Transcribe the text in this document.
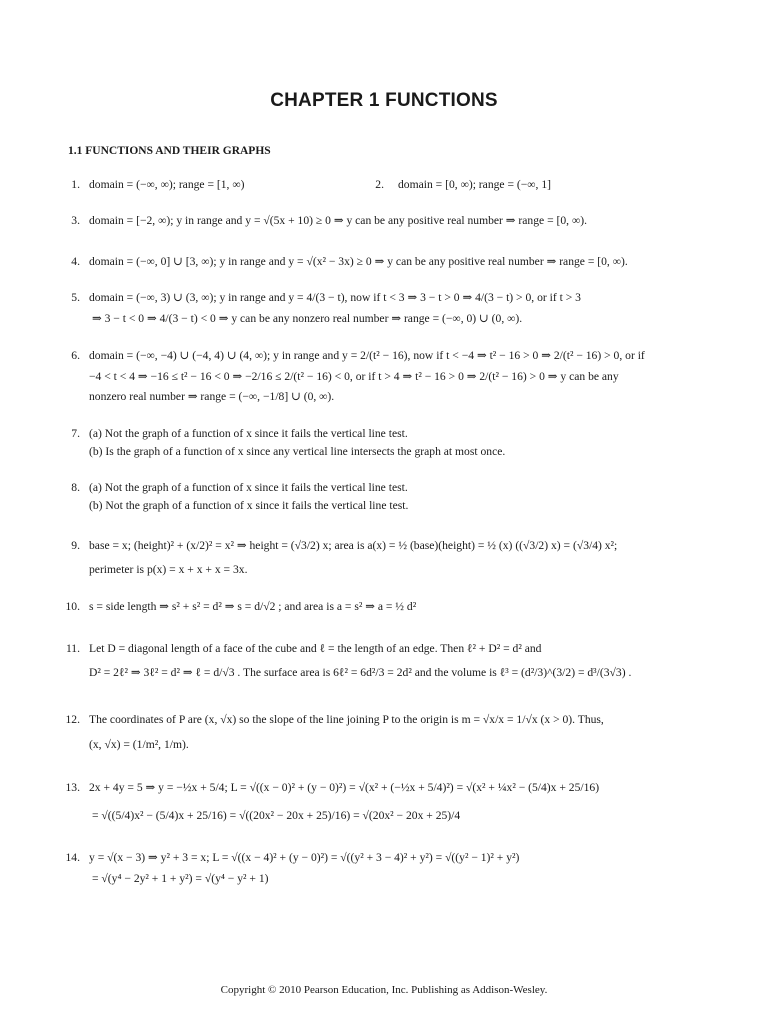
CHAPTER 1 FUNCTIONS
1.1 FUNCTIONS AND THEIR GRAPHS
1. domain = (−∞, ∞); range = [1, ∞)	2. domain = [0, ∞); range = (−∞, 1]
3. domain = [−2, ∞); y in range and y = √(5x + 10) ≥ 0 ⇒ y can be any positive real number ⇒ range = [0, ∞).
4. domain = (−∞, 0] ∪ [3, ∞); y in range and y = √(x² − 3x) ≥ 0 ⇒ y can be any positive real number ⇒ range = [0, ∞).
5. domain = (−∞, 3) ∪ (3, ∞); y in range and y = 4/(3 − t), now if t < 3 ⇒ 3 − t > 0 ⇒ 4/(3 − t) > 0, or if t > 3
⇒ 3 − t < 0 ⇒ 4/(3 − t) < 0 ⇒ y can be any nonzero real number ⇒ range = (−∞, 0) ∪ (0, ∞).
6. domain = (−∞, −4) ∪ (−4, 4) ∪ (4, ∞); y in range and y = 2/(t² − 16), now if t < −4 ⇒ t² − 16 > 0 ⇒ 2/(t² − 16) > 0, or if
−4 < t < 4 ⇒ −16 ≤ t² − 16 < 0 ⇒ −2/16 ≤ 2/(t² − 16) < 0, or if t > 4 ⇒ t² − 16 > 0 ⇒ 2/(t² − 16) > 0 ⇒ y can be any
nonzero real number ⇒ range = (−∞, −1/8] ∪ (0, ∞).
7. (a) Not the graph of a function of x since it fails the vertical line test.
(b) Is the graph of a function of x since any vertical line intersects the graph at most once.
8. (a) Not the graph of a function of x since it fails the vertical line test.
(b) Not the graph of a function of x since it fails the vertical line test.
9. base = x; (height)² + (x/2)² = x² ⇒ height = (√3/2) x; area is a(x) = ½ (base)(height) = ½ (x) ((√3/2) x) = (√3/4) x²;
perimeter is p(x) = x + x + x = 3x.
10. s = side length ⇒ s² + s² = d² ⇒ s = d/√2 ; and area is a = s² ⇒ a = ½ d²
11. Let D = diagonal length of a face of the cube and ℓ = the length of an edge. Then ℓ² + D² = d² and
D² = 2ℓ² ⇒ 3ℓ² = d² ⇒ ℓ = d/√3 . The surface area is 6ℓ² = 6d²/3 = 2d² and the volume is ℓ³ = (d²/3)^(3/2) = d³/(3√3) .
12. The coordinates of P are (x, √x) so the slope of the line joining P to the origin is m = √x/x = 1/√x (x > 0). Thus,
(x, √x) = (1/m², 1/m).
13. 2x + 4y = 5 ⇒ y = −½x + 5/4; L = √((x − 0)² + (y − 0)²) = √(x² + (−½x + 5/4)²) = √(x² + ¼x² − (5/4)x + 25/16)
= √((5/4)x² − (5/4)x + 25/16) = √((20x² − 20x + 25)/16) = √(20x² − 20x + 25)/4
14. y = √(x − 3) ⇒ y² + 3 = x; L = √((x − 4)² + (y − 0)²) = √((y² + 3 − 4)² + y²) = √((y² − 1)² + y²)
= √(y⁴ − 2y² + 1 + y²) = √(y⁴ − y² + 1)
Copyright © 2010 Pearson Education, Inc. Publishing as Addison-Wesley.
